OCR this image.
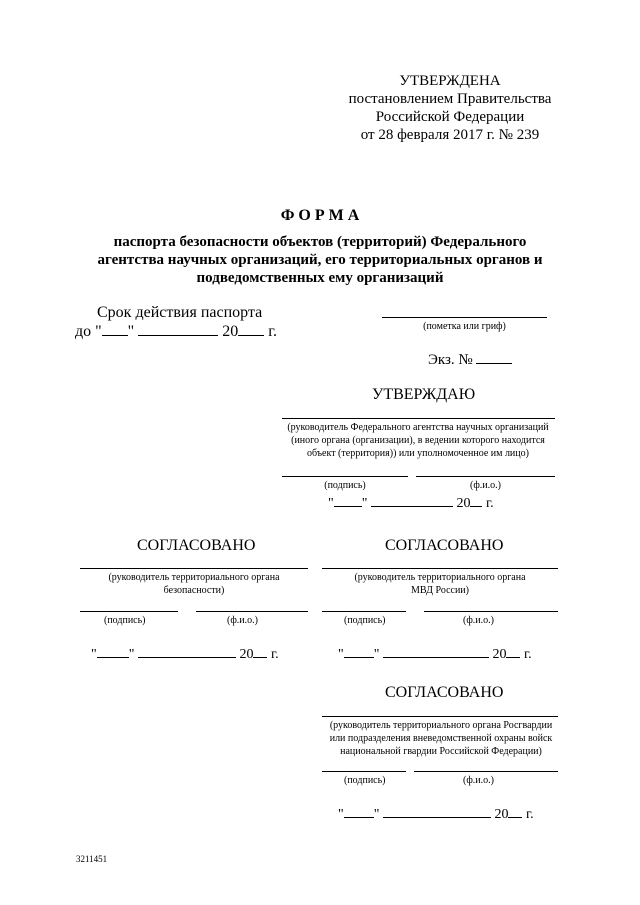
УТВЕРЖДЕНА
постановлением Правительства
Российской Федерации
от 28 февраля 2017 г. № 239
Ф О Р М А
паспорта безопасности объектов (территорий) Федерального
агентства научных организаций, его территориальных органов и
подведомственных ему организаций
Срок действия паспорта
до " "	20 г.	(пометка или гриф)
Экз. №
УТВЕРЖДАЮ
(руководитель Федерального агентства научных организаций
(иного органа (организации), в ведении которого находится
объект (территория)) или уполномоченное им лицо)
(подпись)	(ф.и.о.)
" "	20 г.
СОГЛАСОВАНО
(руководитель территориального органа
безопасности)
(подпись)	(ф.и.о.)
" "	20 г.
СОГЛАСОВАНО
(руководитель территориального органа
МВД России)
(подпись)	(ф.и.о.)
" "	20 г.
СОГЛАСОВАНО
(руководитель территориального органа Росгвардии
или подразделения вневедомственной охраны войск
национальной гвардии Российской Федерации)
(подпись)	(ф.и.о.)
" "	20 г.
3211451
